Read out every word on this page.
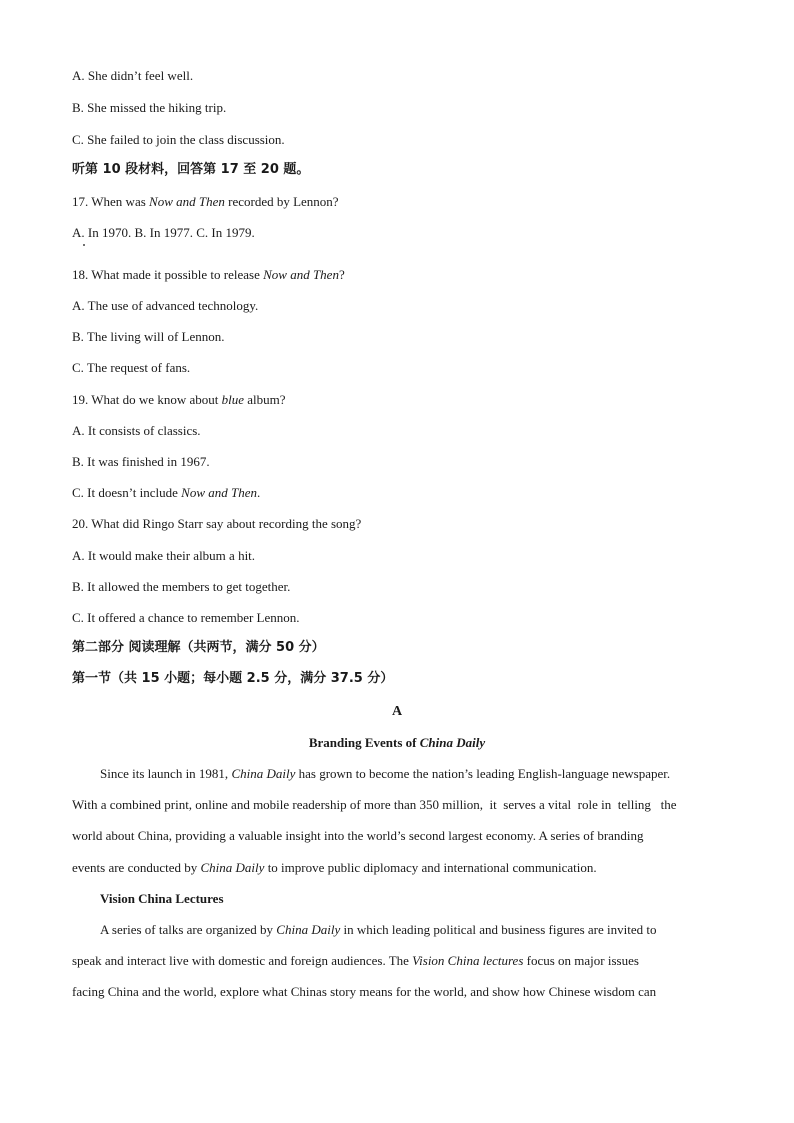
A. She didn’t feel well.
B. She missed the hiking trip.
C. She failed to join the class discussion.
听第 10 段材料，回答第 17 至 20 题。
17. When was Now and Then recorded by Lennon?
A. In 1970. B. In 1977. C. In 1979.
18. What made it possible to release Now and Then?
A. The use of advanced technology.
B. The living will of Lennon.
C. The request of fans.
19. What do we know about blue album?
A. It consists of classics.
B. It was finished in 1967.
C. It doesn’t include Now and Then.
20. What did Ringo Starr say about recording the song?
A. It would make their album a hit.
B. It allowed the members to get together.
C. It offered a chance to remember Lennon.
第二部分 阅读理解（共两节，满分 50 分）
第一节（共 15 小题；每小题 2.5 分，满分 37.5 分）
A
Branding Events of China Daily
Since its launch in 1981, China Daily has grown to become the nation’s leading English-language newspaper.
With a combined print, online and mobile readership of more than 350 million,  it  serves a vital  role in  telling   the
world about China, providing a valuable insight into the world’s second largest economy. A series of branding
events are conducted by China Daily to improve public diplomacy and international communication.
Vision China Lectures
A series of talks are organized by China Daily in which leading political and business figures are invited to
speak and interact live with domestic and foreign audiences. The Vision China lectures focus on major issues
facing China and the world, explore what Chinas story means for the world, and show how Chinese wisdom can
